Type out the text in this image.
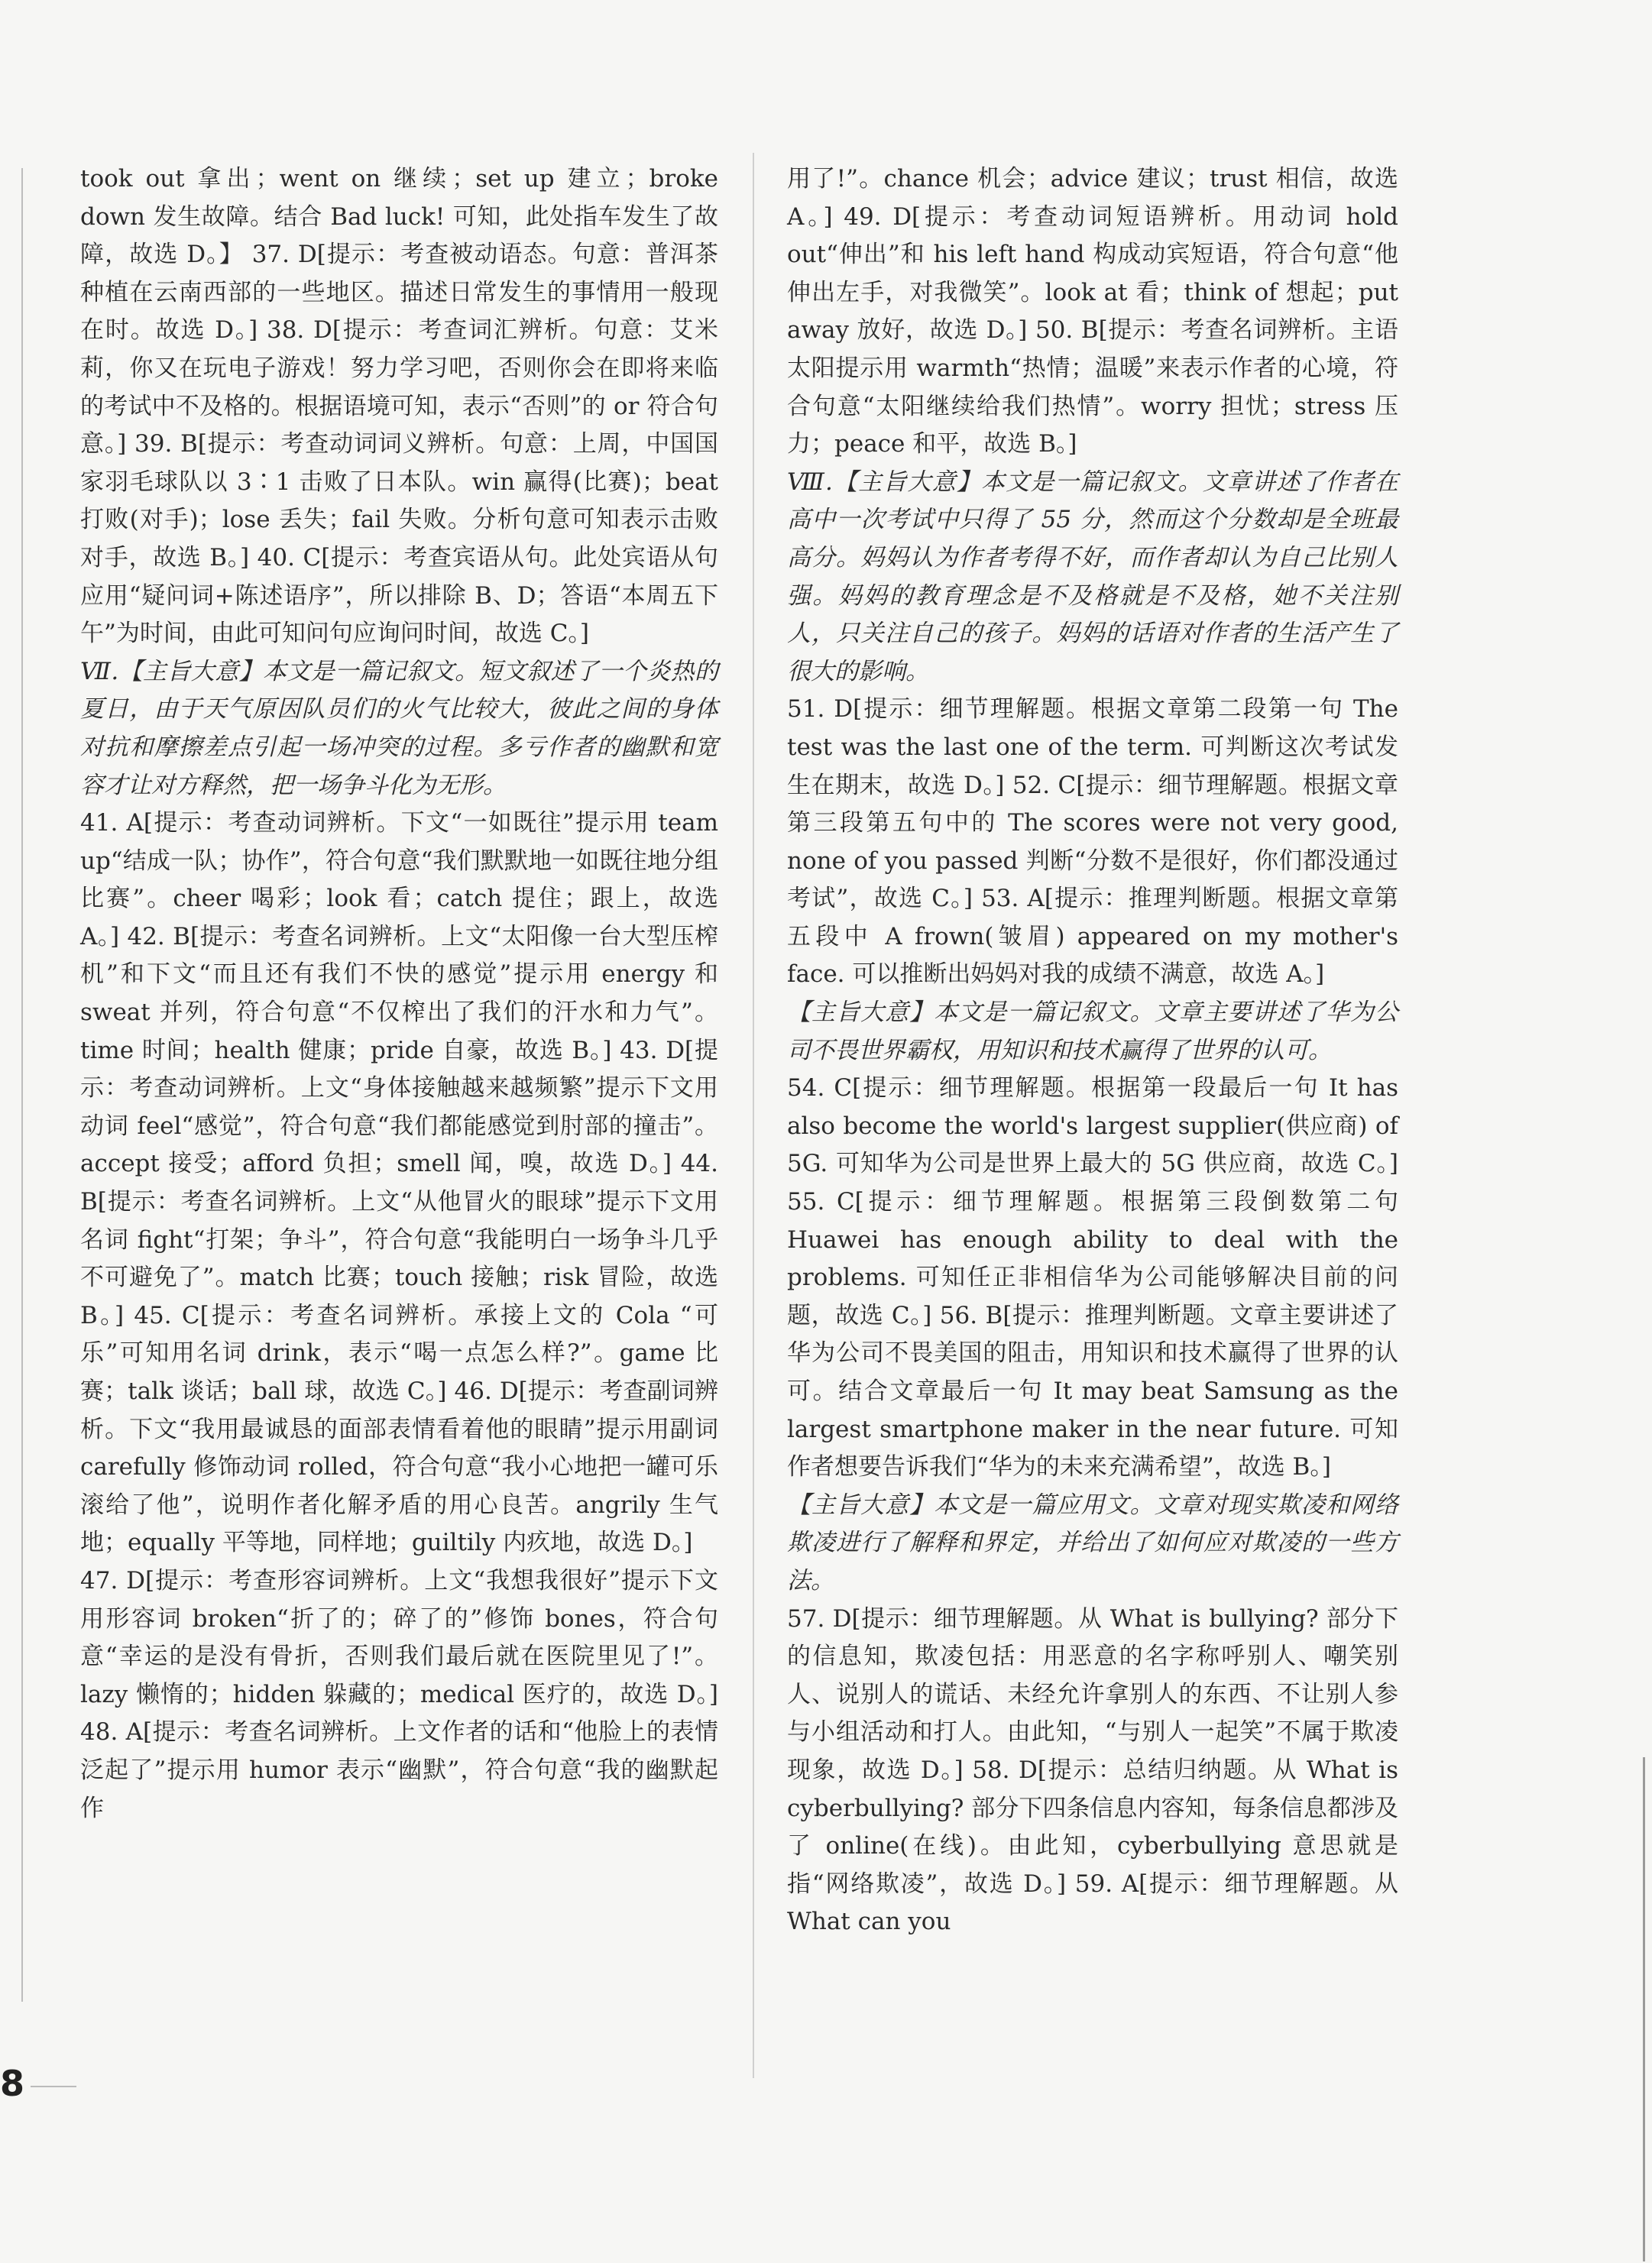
took out 拿出；went on 继续；set up 建立；broke down 发生故障。结合 Bad luck! 可知，此处指车发生了故障，故选 D。】 37. D[提示：考查被动语态。句意：普洱茶种植在云南西部的一些地区。描述日常发生的事情用一般现在时。故选 D。] 38. D[提示：考查词汇辨析。句意：艾米莉，你又在玩电子游戏！努力学习吧，否则你会在即将来临的考试中不及格的。根据语境可知，表示“否则”的 or 符合句意。] 39. B[提示：考查动词词义辨析。句意：上周，中国国家羽毛球队以 3∶1 击败了日本队。win 赢得(比赛)；beat 打败(对手)；lose 丢失；fail 失败。分析句意可知表示击败对手，故选 B。] 40. C[提示：考查宾语从句。此处宾语从句应用“疑问词+陈述语序”，所以排除 B、D；答语“本周五下午”为时间，由此可知问句应询问时间，故选 C。]

Ⅶ.【主旨大意】本文是一篇记叙文。短文叙述了一个炎热的夏日，由于天气原因队员们的火气比较大，彼此之间的身体对抗和摩擦差点引起一场冲突的过程。多亏作者的幽默和宽容才让对方释然，把一场争斗化为无形。

41. A[提示：考查动词辨析。下文“一如既往”提示用 team up“结成一队；协作”，符合句意“我们默默地一如既往地分组比赛”。cheer 喝彩；look 看；catch 提住；跟上，故选 A。] 42. B[提示：考查名词辨析。上文“太阳像一台大型压榨机”和下文“而且还有我们不快的感觉”提示用 energy 和 sweat 并列，符合句意“不仅榨出了我们的汗水和力气”。time 时间；health 健康；pride 自豪，故选 B。] 43. D[提示：考查动词辨析。上文“身体接触越来越频繁”提示下文用动词 feel“感觉”，符合句意“我们都能感觉到肘部的撞击”。accept 接受；afford 负担；smell 闻，嗅，故选 D。] 44. B[提示：考查名词辨析。上文“从他冒火的眼球”提示下文用名词 fight“打架；争斗”，符合句意“我能明白一场争斗几乎不可避免了”。match 比赛；touch 接触；risk 冒险，故选 B。] 45. C[提示：考查名词辨析。承接上文的 Cola “可乐”可知用名词 drink，表示“喝一点怎么样?”。game 比赛；talk 谈话；ball 球，故选 C。] 46. D[提示：考查副词辨析。下文“我用最诚恳的面部表情看着他的眼睛”提示用副词 carefully 修饰动词 rolled，符合句意“我小心地把一罐可乐滚给了他”，说明作者化解矛盾的用心良苦。angrily 生气地；equally 平等地，同样地；guiltily 内疚地，故选 D。]

47. D[提示：考查形容词辨析。上文“我想我很好”提示下文用形容词 broken“折了的；碎了的”修饰 bones，符合句意“幸运的是没有骨折，否则我们最后就在医院里见了!”。lazy 懒惰的；hidden 躲藏的；medical 医疗的，故选 D。] 48. A[提示：考查名词辨析。上文作者的话和“他脸上的表情泛起了”提示用 humor 表示“幽默”，符合句意“我的幽默起作

用了!”。chance 机会；advice 建议；trust 相信，故选 A。] 49. D[提示：考查动词短语辨析。用动词 hold out“伸出”和 his left hand 构成动宾短语，符合句意“他伸出左手，对我微笑”。look at 看；think of 想起；put away 放好，故选 D。] 50. B[提示：考查名词辨析。主语太阳提示用 warmth“热情；温暖”来表示作者的心境，符合句意“太阳继续给我们热情”。worry 担忧；stress 压力；peace 和平，故选 B。]

Ⅷ.【主旨大意】本文是一篇记叙文。文章讲述了作者在高中一次考试中只得了 55 分，然而这个分数却是全班最高分。妈妈认为作者考得不好，而作者却认为自己比别人强。妈妈的教育理念是不及格就是不及格，她不关注别人，只关注自己的孩子。妈妈的话语对作者的生活产生了很大的影响。

51. D[提示：细节理解题。根据文章第二段第一句 The test was the last one of the term. 可判断这次考试发生在期末，故选 D。] 52. C[提示：细节理解题。根据文章第三段第五句中的 The scores were not very good, none of you passed 判断“分数不是很好，你们都没通过考试”，故选 C。] 53. A[提示：推理判断题。根据文章第五段中 A frown(皱眉) appeared on my mother's face. 可以推断出妈妈对我的成绩不满意，故选 A。]

【主旨大意】本文是一篇记叙文。文章主要讲述了华为公司不畏世界霸权，用知识和技术赢得了世界的认可。

54. C[提示：细节理解题。根据第一段最后一句 It has also become the world's largest supplier(供应商) of 5G. 可知华为公司是世界上最大的 5G 供应商，故选 C。] 55. C[提示：细节理解题。根据第三段倒数第二句 Huawei has enough ability to deal with the problems. 可知任正非相信华为公司能够解决目前的问题，故选 C。] 56. B[提示：推理判断题。文章主要讲述了华为公司不畏美国的阻击，用知识和技术赢得了世界的认可。结合文章最后一句 It may beat Samsung as the largest smartphone maker in the near future. 可知作者想要告诉我们“华为的未来充满希望”，故选 B。]

【主旨大意】本文是一篇应用文。文章对现实欺凌和网络欺凌进行了解释和界定，并给出了如何应对欺凌的一些方法。

57. D[提示：细节理解题。从 What is bullying? 部分下的信息知，欺凌包括：用恶意的名字称呼别人、嘲笑别人、说别人的谎话、未经允许拿别人的东西、不让别人参与小组活动和打人。由此知，“与别人一起笑”不属于欺凌现象，故选 D。] 58. D[提示：总结归纳题。从 What is cyberbullying? 部分下四条信息内容知，每条信息都涉及了 online(在线)。由此知，cyberbullying 意思就是指“网络欺凌”，故选 D。] 59. A[提示：细节理解题。从 What can you

8
